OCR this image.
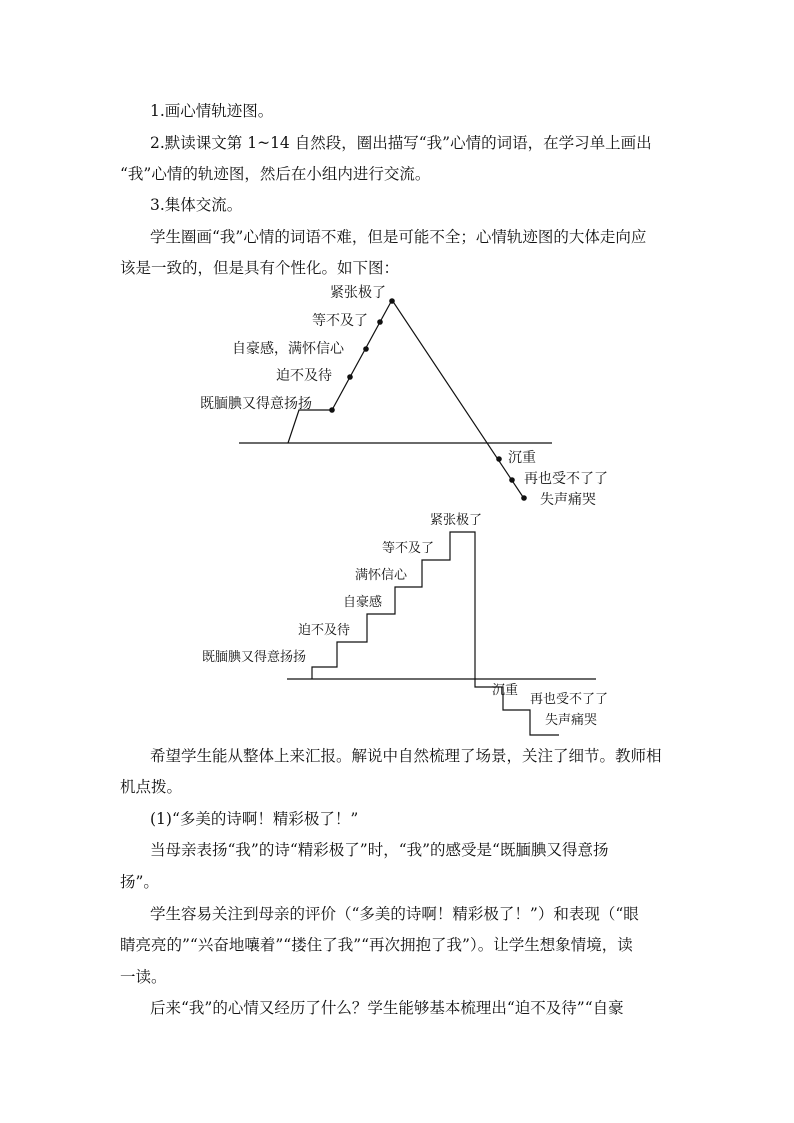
1.画心情轨迹图。
2.默读课文第 1~14 自然段，圈出描写“我”心情的词语，在学习单上画出
“我”心情的轨迹图，然后在小组内进行交流。
3.集体交流。
学生圈画“我”心情的词语不难，但是可能不全；心情轨迹图的大体走向应
该是一致的，但是具有个性化。如下图：
紧张极了
等不及了
自豪感，满怀信心
迫不及待
既腼腆又得意扬扬
沉重
再也受不了了
失声痛哭
紧张极了
等不及了
满怀信心
自豪感
迫不及待
既腼腆又得意扬扬
沉重
再也受不了了
失声痛哭
希望学生能从整体上来汇报。解说中自然梳理了场景，关注了细节。教师相
机点拨。
(1)“多美的诗啊！精彩极了！”
当母亲表扬“我”的诗“精彩极了”时，“我”的感受是“既腼腆又得意扬
扬”。
学生容易关注到母亲的评价（“多美的诗啊！精彩极了！”）和表现（“眼
睛亮亮的”“兴奋地嚷着”“搂住了我”“再次拥抱了我”）。让学生想象情境，读
一读。
后来“我”的心情又经历了什么？学生能够基本梳理出“迫不及待”“自豪
